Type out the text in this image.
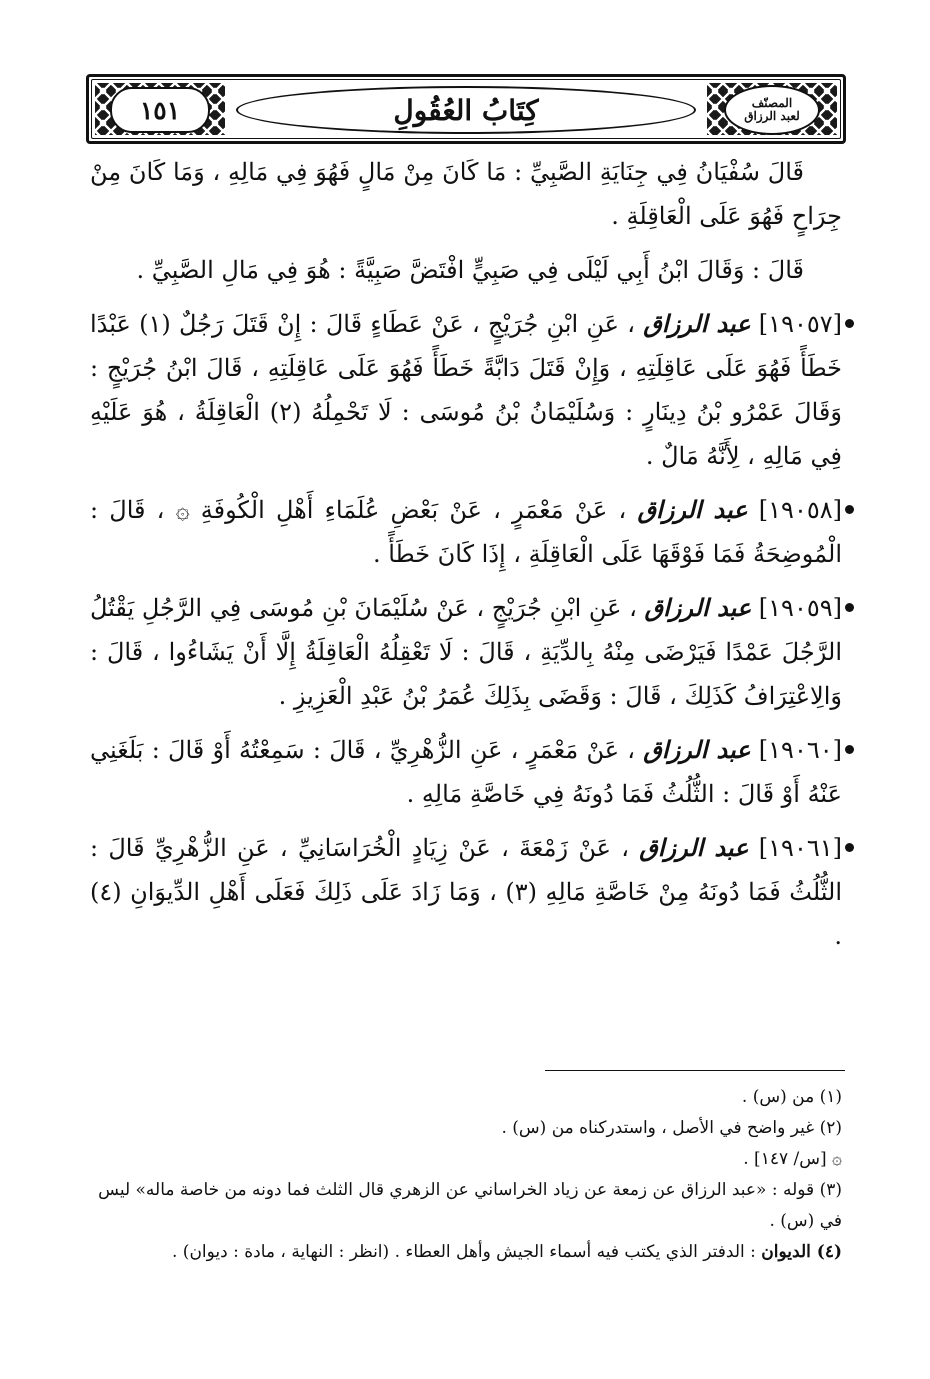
١٥١	كِتَابُ العُقُولِ	المصنّف
لعبد الرزاق

قَالَ سُفْيَانُ فِي جِنَايَةِ الصَّبِيِّ : مَا كَانَ مِنْ مَالٍ فَهُوَ فِي مَالِهِ ، وَمَا كَانَ مِنْ جِرَاحٍ فَهُوَ عَلَى الْعَاقِلَةِ .

قَالَ : وَقَالَ ابْنُ أَبِي لَيْلَى فِي صَبِيٍّ افْتَضَّ صَبِيَّةً : هُوَ فِي مَالِ الصَّبِيِّ .

[١٩٠٥٧] عبد الرزاق ، عَنِ ابْنِ جُرَيْجٍ ، عَنْ عَطَاءٍ قَالَ : إِنْ قَتَلَ رَجُلٌ (١) عَبْدًا خَطَأً فَهُوَ عَلَى عَاقِلَتِهِ ، وَإِنْ قَتَلَ دَابَّةً خَطَأً فَهُوَ عَلَى عَاقِلَتِهِ ، قَالَ ابْنُ جُرَيْجٍ : وَقَالَ عَمْرُو بْنُ دِينَارٍ : وَسُلَيْمَانُ بْنُ مُوسَى : لَا تَحْمِلُهُ (٢) الْعَاقِلَةُ ، هُوَ عَلَيْهِ فِي مَالِهِ ، لِأَنَّهُ مَالٌ .

[١٩٠٥٨] عبد الرزاق ، عَنْ مَعْمَرٍ ، عَنْ بَعْضِ عُلَمَاءِ أَهْلِ الْكُوفَةِ ۞ ، قَالَ : الْمُوضِحَةُ فَمَا فَوْقَهَا عَلَى الْعَاقِلَةِ ، إِذَا كَانَ خَطَأً .

[١٩٠٥٩] عبد الرزاق ، عَنِ ابْنِ جُرَيْجٍ ، عَنْ سُلَيْمَانَ بْنِ مُوسَى فِي الرَّجُلِ يَقْتُلُ الرَّجُلَ عَمْدًا فَيَرْضَى مِنْهُ بِالدِّيَةِ ، قَالَ : لَا تَعْقِلُهُ الْعَاقِلَةُ إِلَّا أَنْ يَشَاءُوا ، قَالَ : وَالِاعْتِرَافُ كَذَلِكَ ، قَالَ : وَقَضَى بِذَلِكَ عُمَرُ بْنُ عَبْدِ الْعَزِيزِ .

[١٩٠٦٠] عبد الرزاق ، عَنْ مَعْمَرٍ ، عَنِ الزُّهْرِيِّ ، قَالَ : سَمِعْتُهُ أَوْ قَالَ : بَلَغَنِي عَنْهُ أَوْ قَالَ : الثُّلُثُ فَمَا دُونَهُ فِي خَاصَّةِ مَالِهِ .

[١٩٠٦١] عبد الرزاق ، عَنْ زَمْعَةَ ، عَنْ زِيَادٍ الْخُرَاسَانِيِّ ، عَنِ الزُّهْرِيِّ قَالَ : الثُّلُثُ فَمَا دُونَهُ مِنْ خَاصَّةِ مَالِهِ (٣) ، وَمَا زَادَ عَلَى ذَلِكَ فَعَلَى أَهْلِ الدِّيوَانِ (٤) .

(١) من (س) .

(٢) غير واضح في الأصل ، واستدركناه من (س) .

۞ [س/ ١٤٧] .

(٣) قوله : «عبد الرزاق عن زمعة عن زياد الخراساني عن الزهري قال الثلث فما دونه من خاصة ماله» ليس في (س) .

(٤) الديوان : الدفتر الذي يكتب فيه أسماء الجيش وأهل العطاء . (انظر : النهاية ، مادة : ديوان) .
